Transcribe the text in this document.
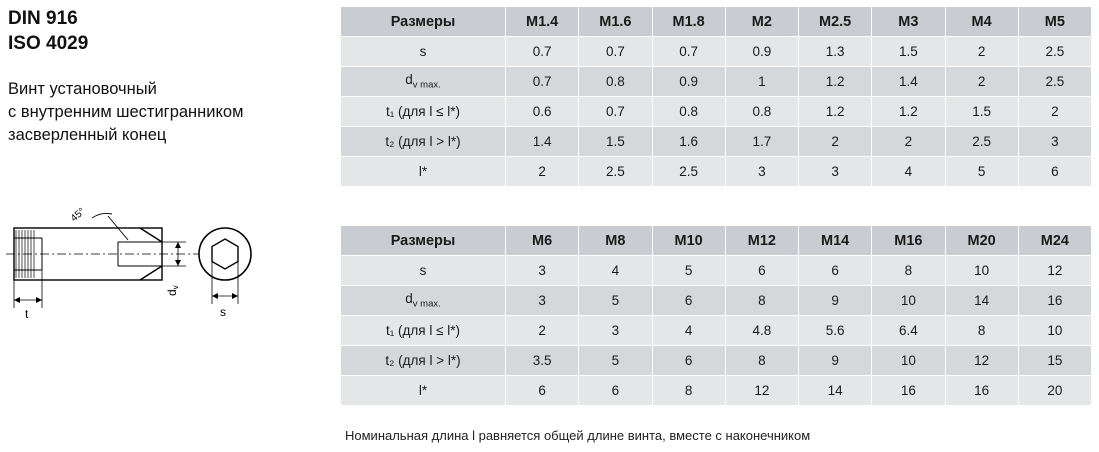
DIN 916
ISO 4029
Винт установочный
с внутренним шестигранником
засверленный конец
45°
t
dv
s
Размеры	M1.4	M1.6	M1.8	M2	M2.5	M3	M4	M5
s	0.7	0.7	0.7	0.9	1.3	1.5	2	2.5
$d_{v max.}$	0.7	0.8	0.9	1	1.2	1.4	2	2.5
t₁ (для l ≤ l*)	0.6	0.7	0.8	0.8	1.2	1.2	1.5	2
t₂ (для l > l*)	1.4	1.5	1.6	1.7	2	2	2.5	3
l*	2	2.5	2.5	3	3	4	5	6
Размеры	M6	M8	M10	M12	M14	M16	M20	M24
s	3	4	5	6	6	8	10	12
$d_{v max.}$	3	5	6	8	9	10	14	16
t₁ (для l ≤ l*)	2	3	4	4.8	5.6	6.4	8	10
t₂ (для l > l*)	3.5	5	6	8	9	10	12	15
l*	6	6	8	12	14	16	16	20
Номинальная длина l равняется общей длине винта, вместе с наконечником
